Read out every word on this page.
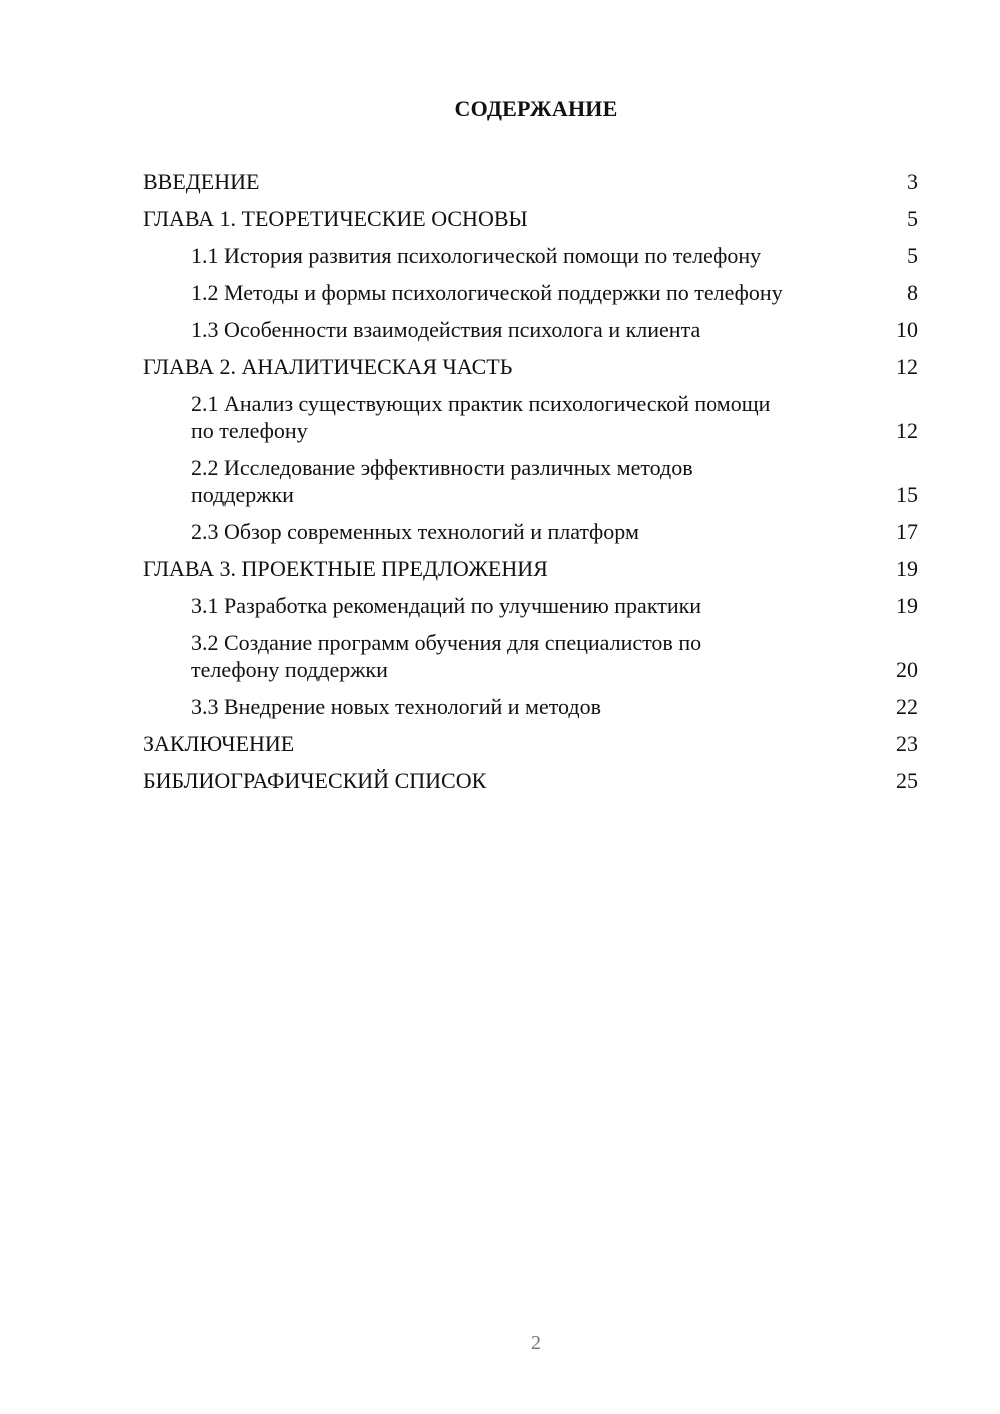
СОДЕРЖАНИЕ
ВВЕДЕНИЕ	3
ГЛАВА 1. ТЕОРЕТИЧЕСКИЕ ОСНОВЫ	5
1.1 История развития психологической помощи по телефону	5
1.2 Методы и формы психологической поддержки по телефону	8
1.3 Особенности взаимодействия психолога и клиента	10
ГЛАВА 2. АНАЛИТИЧЕСКАЯ ЧАСТЬ	12
2.1 Анализ существующих практик психологической помощи по телефону	12
2.2 Исследование эффективности различных методов поддержки	15
2.3 Обзор современных технологий и платформ	17
ГЛАВА 3. ПРОЕКТНЫЕ ПРЕДЛОЖЕНИЯ	19
3.1 Разработка рекомендаций по улучшению практики	19
3.2 Создание программ обучения для специалистов по телефону поддержки	20
3.3 Внедрение новых технологий и методов	22
ЗАКЛЮЧЕНИЕ	23
БИБЛИОГРАФИЧЕСКИЙ СПИСОК	25
2
